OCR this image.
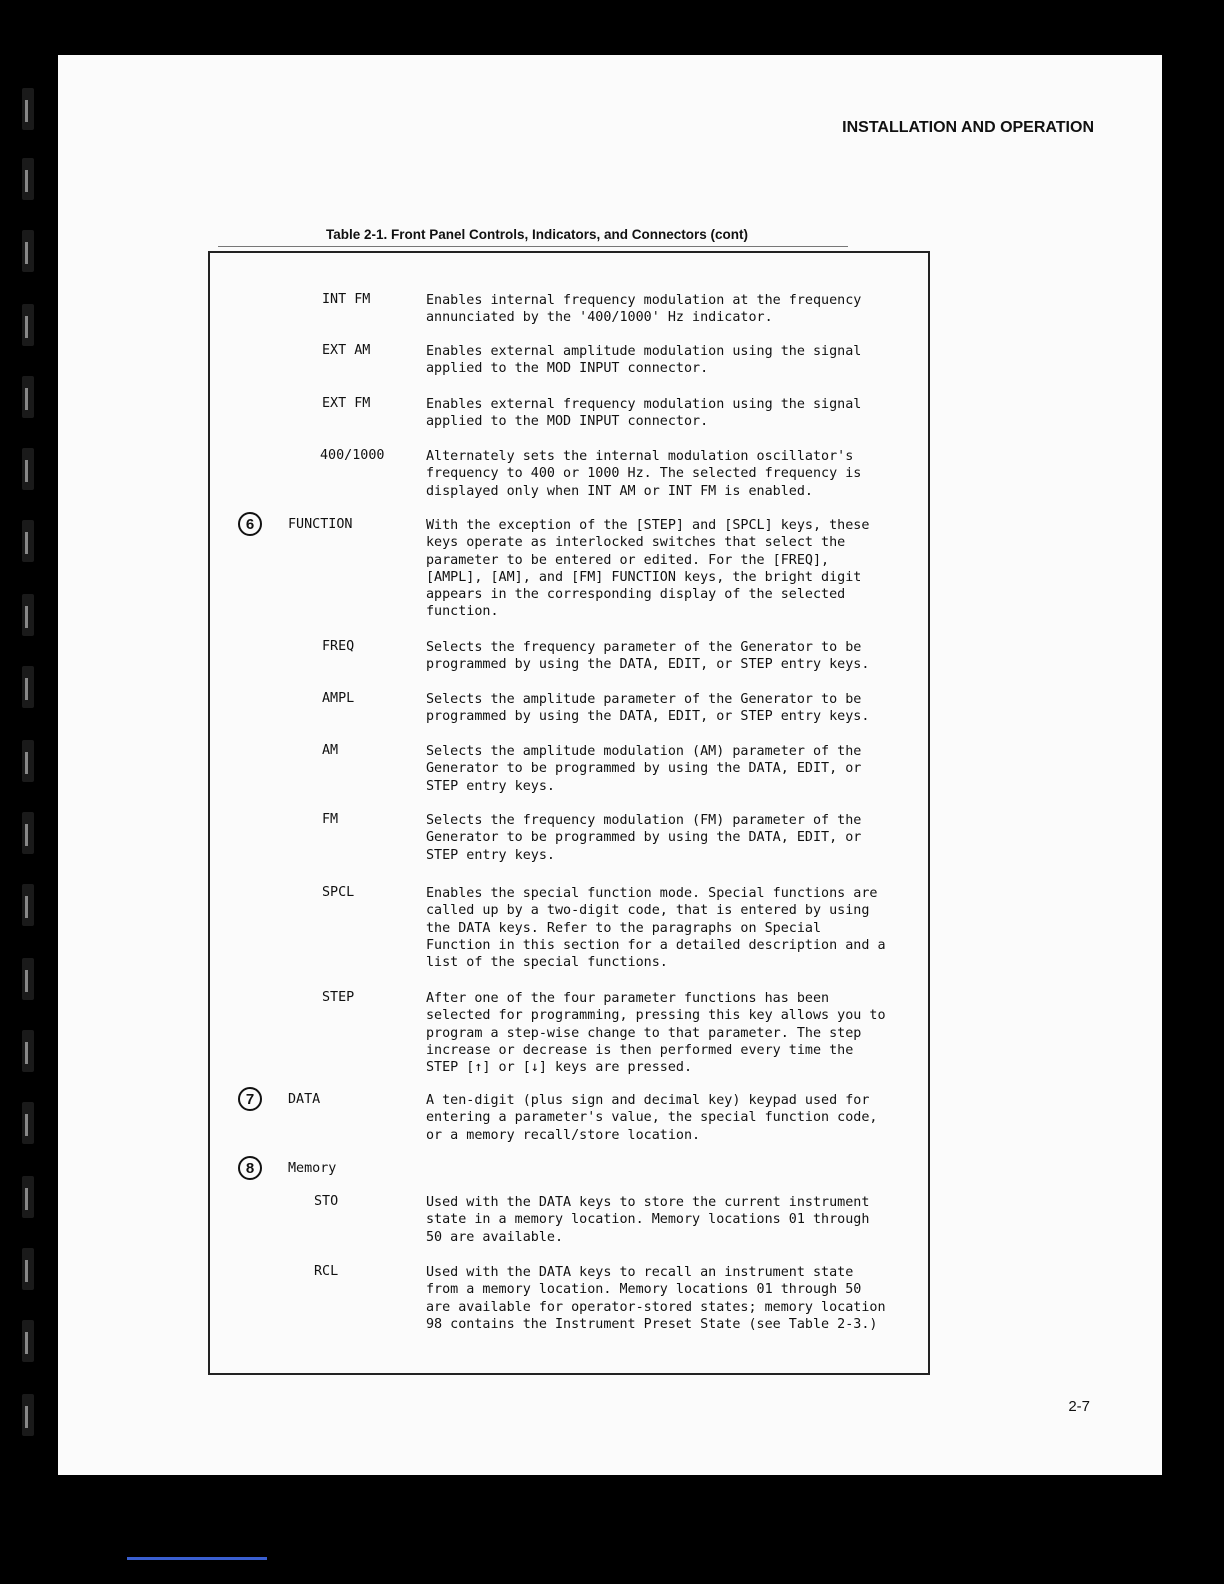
INSTALLATION AND OPERATION
Table 2-1. Front Panel Controls, Indicators, and Connectors (cont)
INT FM	Enables internal frequency modulation at the frequency
annunciated by the '400/1000' Hz indicator.
EXT AM	Enables external amplitude modulation using the signal
applied to the MOD INPUT connector.
EXT FM	Enables external frequency modulation using the signal
applied to the MOD INPUT connector.
400/1000	Alternately sets the internal modulation oscillator's
frequency to 400 or 1000 Hz. The selected frequency is
displayed only when INT AM or INT FM is enabled.
6	FUNCTION	With the exception of the [STEP] and [SPCL] keys, these
keys operate as interlocked switches that select the
parameter to be entered or edited. For the [FREQ],
[AMPL], [AM], and [FM] FUNCTION keys, the bright digit
appears in the corresponding display of the selected
function.
FREQ	Selects the frequency parameter of the Generator to be
programmed by using the DATA, EDIT, or STEP entry keys.
AMPL	Selects the amplitude parameter of the Generator to be
programmed by using the DATA, EDIT, or STEP entry keys.
AM	Selects the amplitude modulation (AM) parameter of the
Generator to be programmed by using the DATA, EDIT, or
STEP entry keys.
FM	Selects the frequency modulation (FM) parameter of the
Generator to be programmed by using the DATA, EDIT, or
STEP entry keys.
SPCL	Enables the special function mode. Special functions are
called up by a two-digit code, that is entered by using
the DATA keys. Refer to the paragraphs on Special
Function in this section for a detailed description and a
list of the special functions.
STEP	After one of the four parameter functions has been
selected for programming, pressing this key allows you to
program a step-wise change to that parameter. The step
increase or decrease is then performed every time the
STEP [↑] or [↓] keys are pressed.
7	DATA	A ten-digit (plus sign and decimal key) keypad used for
entering a parameter's value, the special function code,
or a memory recall/store location.
8	Memory
STO	Used with the DATA keys to store the current instrument
state in a memory location. Memory locations 01 through
50 are available.
RCL	Used with the DATA keys to recall an instrument state
from a memory location. Memory locations 01 through 50
are available for operator-stored states; memory location
98 contains the Instrument Preset State (see Table 2-3.)
2-7
